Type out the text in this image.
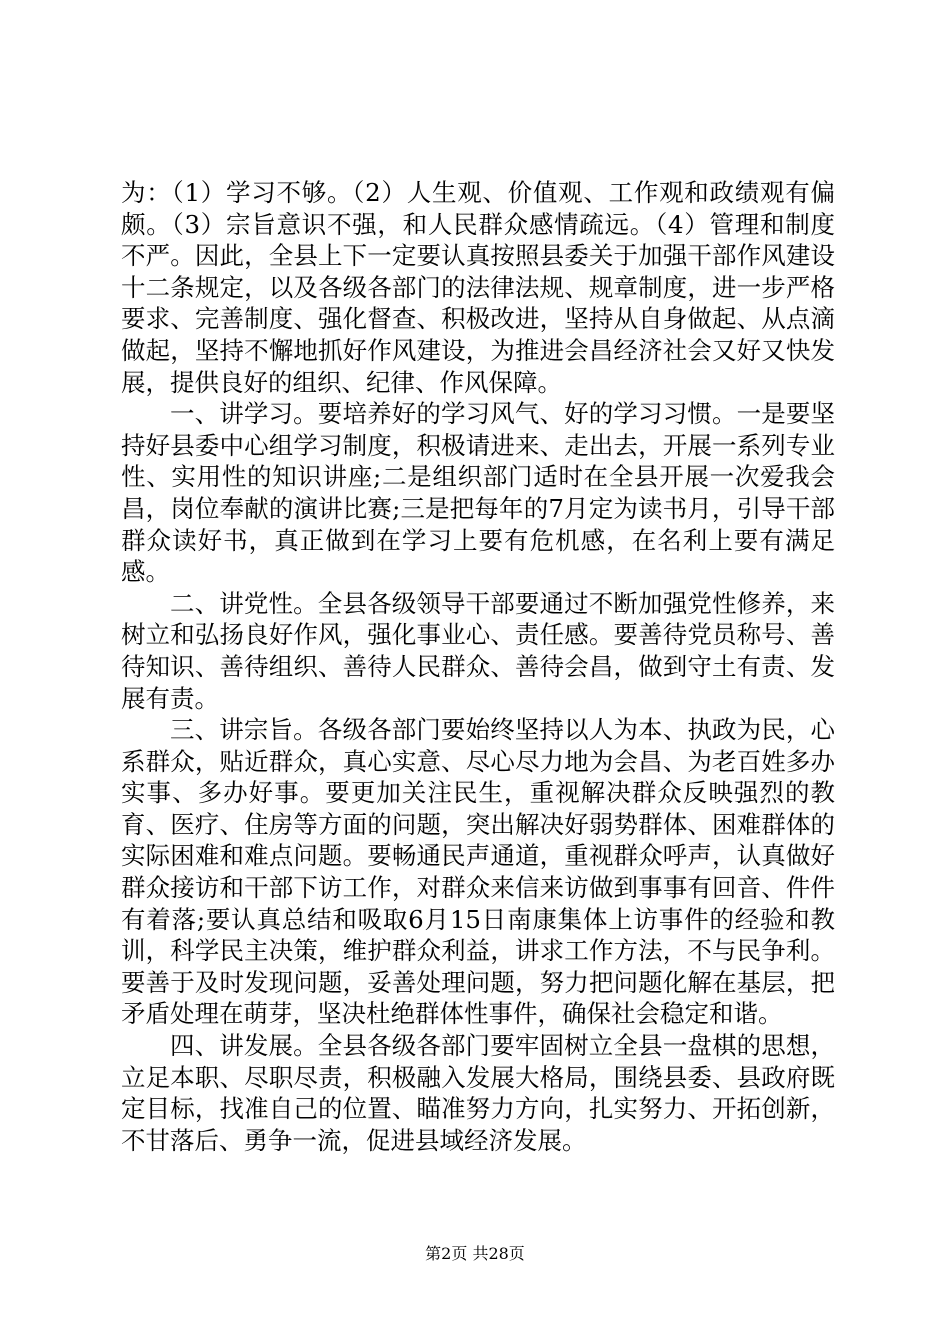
为：（1）学习不够。（2）人生观、价值观、工作观和政绩观有偏颇。（3）宗旨意识不强，和人民群众感情疏远。（4）管理和制度不严。因此，全县上下一定要认真按照县委关于加强干部作风建设十二条规定，以及各级各部门的法律法规、规章制度，进一步严格要求、完善制度、强化督查、积极改进，坚持从自身做起、从点滴做起，坚持不懈地抓好作风建设，为推进会昌经济社会又好又快发展，提供良好的组织、纪律、作风保障。

一、讲学习。要培养好的学习风气、好的学习习惯。一是要坚持好县委中心组学习制度，积极请进来、走出去，开展一系列专业性、实用性的知识讲座;二是组织部门适时在全县开展一次爱我会昌，岗位奉献的演讲比赛;三是把每年的7月定为读书月，引导干部群众读好书，真正做到在学习上要有危机感，在名利上要有满足感。

二、讲党性。全县各级领导干部要通过不断加强党性修养，来树立和弘扬良好作风，强化事业心、责任感。要善待党员称号、善待知识、善待组织、善待人民群众、善待会昌，做到守土有责、发展有责。

三、讲宗旨。各级各部门要始终坚持以人为本、执政为民，心系群众，贴近群众，真心实意、尽心尽力地为会昌、为老百姓多办实事、多办好事。要更加关注民生，重视解决群众反映强烈的教育、医疗、住房等方面的问题，突出解决好弱势群体、困难群体的实际困难和难点问题。要畅通民声通道，重视群众呼声，认真做好群众接访和干部下访工作，对群众来信来访做到事事有回音、件件有着落;要认真总结和吸取6月15日南康集体上访事件的经验和教训，科学民主决策，维护群众利益，讲求工作方法，不与民争利。要善于及时发现问题，妥善处理问题，努力把问题化解在基层，把矛盾处理在萌芽，坚决杜绝群体性事件，确保社会稳定和谐。

四、讲发展。全县各级各部门要牢固树立全县一盘棋的思想，立足本职、尽职尽责，积极融入发展大格局，围绕县委、县政府既定目标，找准自己的位置、瞄准努力方向，扎实努力、开拓创新，不甘落后、勇争一流，促进县域经济发展。

第2页 共28页
